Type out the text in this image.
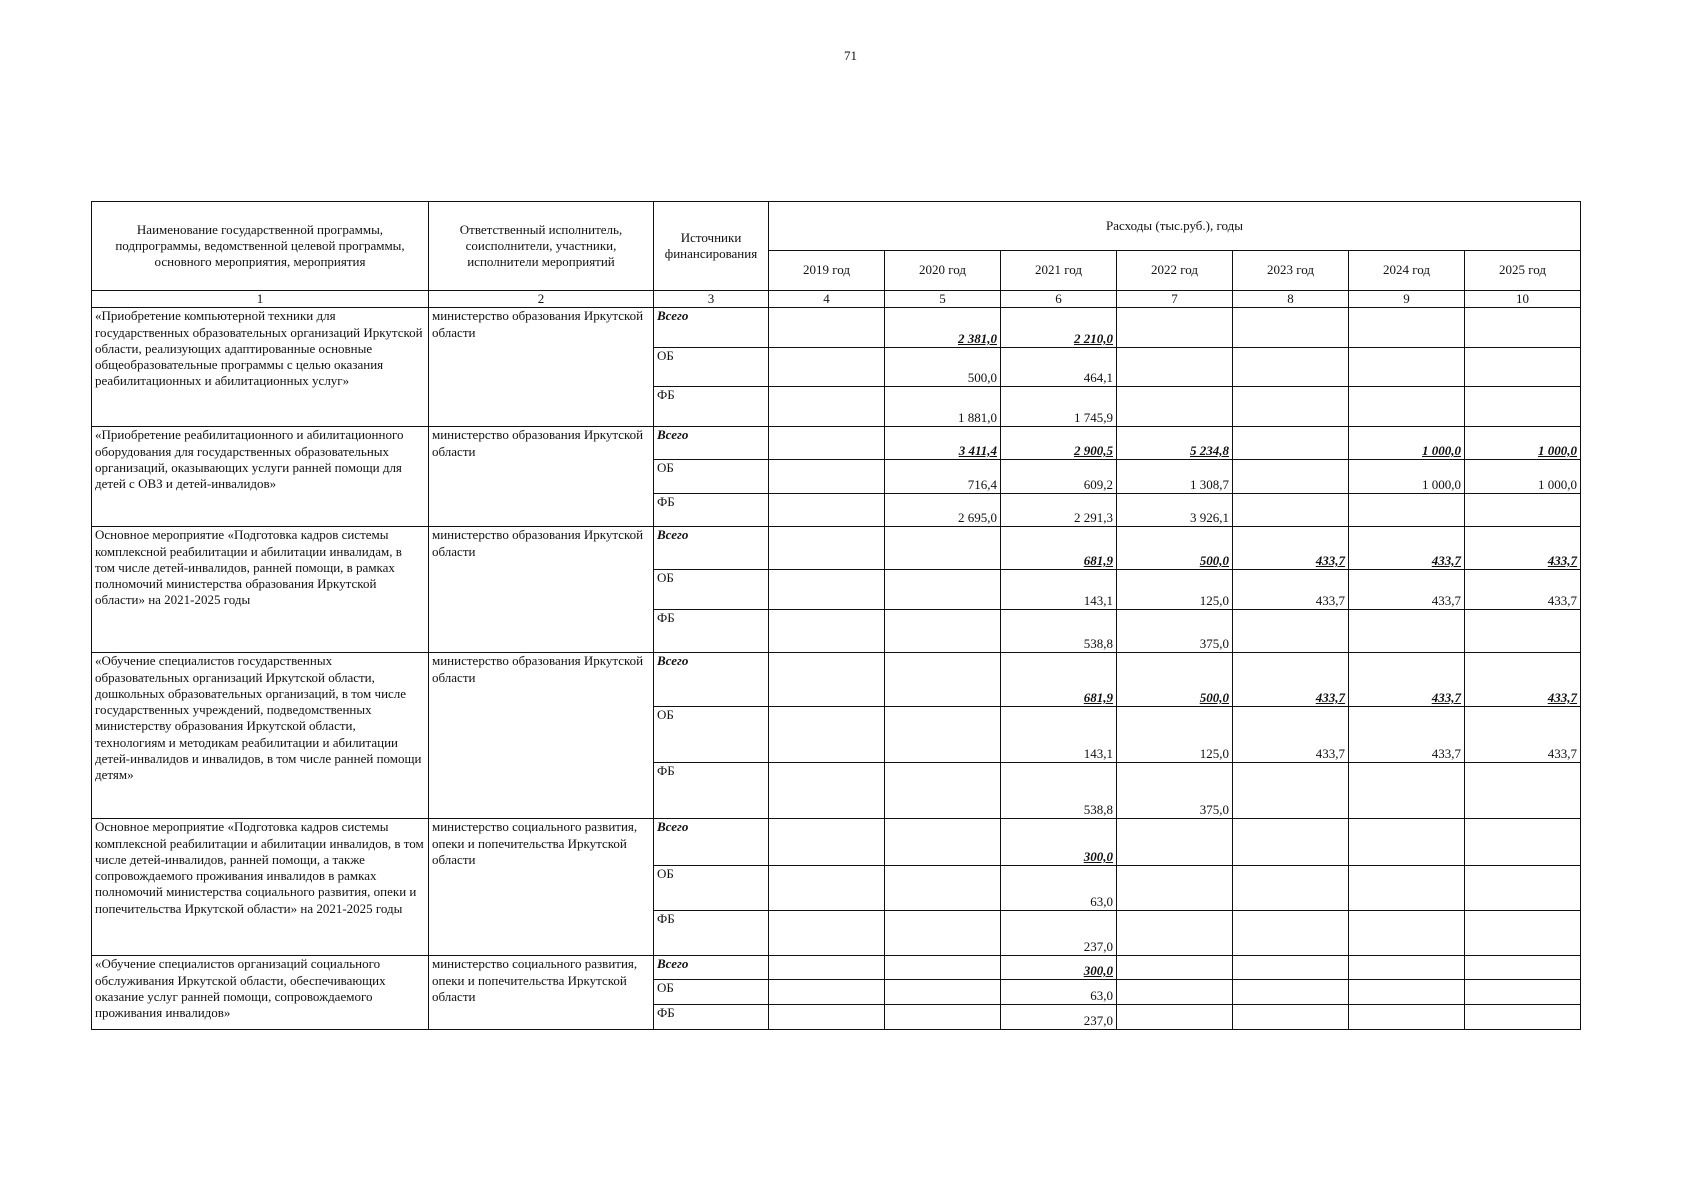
71
Наименование государственной программы, подпрограммы, ведомственной целевой программы, основного мероприятия, мероприятия	Ответственный исполнитель, соисполнители, участники, исполнители мероприятий	Источники финансирования	Расходы (тыс.руб.), годы						
			2019 год	2020 год	2021 год	2022 год	2023 год	2024 год	2025 год
1	2	3	4	5	6	7	8	9	10
«Приобретение компьютерной техники для государственных образовательных организаций Иркутской области, реализующих адаптированные основные общеобразовательные программы с целью оказания реабилитационных и абилитационных услуг»	министерство образования Иркутской области	Всего		2 381,0	2 210,0				
		ОБ		500,0	464,1				
		ФБ		1 881,0	1 745,9				
«Приобретение реабилитационного и абилитационного оборудования для государственных образовательных организаций, оказывающих услуги ранней помощи для детей с ОВЗ и детей-инвалидов»	министерство образования Иркутской области	Всего		3 411,4	2 900,5	5 234,8		1 000,0	1 000,0
		ОБ		716,4	609,2	1 308,7		1 000,0	1 000,0
		ФБ		2 695,0	2 291,3	3 926,1			
Основное мероприятие «Подготовка кадров системы комплексной реабилитации и абилитации инвалидам, в том числе детей-инвалидов, ранней помощи, в рамках полномочий министерства образования Иркутской области» на 2021-2025 годы	министерство образования Иркутской области	Всего			681,9	500,0	433,7	433,7	433,7
		ОБ			143,1	125,0	433,7	433,7	433,7
		ФБ			538,8	375,0			
«Обучение специалистов государственных образовательных организаций Иркутской области, дошкольных образовательных организаций, в том числе государственных учреждений, подведомственных министерству образования Иркутской области, технологиям и методикам реабилитации и абилитации детей-инвалидов и инвалидов, в том числе ранней помощи детям»	министерство образования Иркутской области	Всего			681,9	500,0	433,7	433,7	433,7
		ОБ			143,1	125,0	433,7	433,7	433,7
		ФБ			538,8	375,0			
Основное мероприятие «Подготовка кадров системы комплексной реабилитации и абилитации инвалидов, в том числе детей-инвалидов, ранней помощи, а также сопровождаемого проживания инвалидов в рамках полномочий министерства социального развития, опеки и попечительства Иркутской области» на 2021-2025 годы	министерство социального развития, опеки и попечительства Иркутской области	Всего			300,0				
		ОБ			63,0				
		ФБ			237,0				
«Обучение специалистов организаций социального обслуживания Иркутской области, обеспечивающих оказание услуг ранней помощи, сопровождаемого проживания инвалидов»	министерство социального развития, опеки и попечительства Иркутской области	Всего			300,0				
		ОБ			63,0				
		ФБ			237,0				
